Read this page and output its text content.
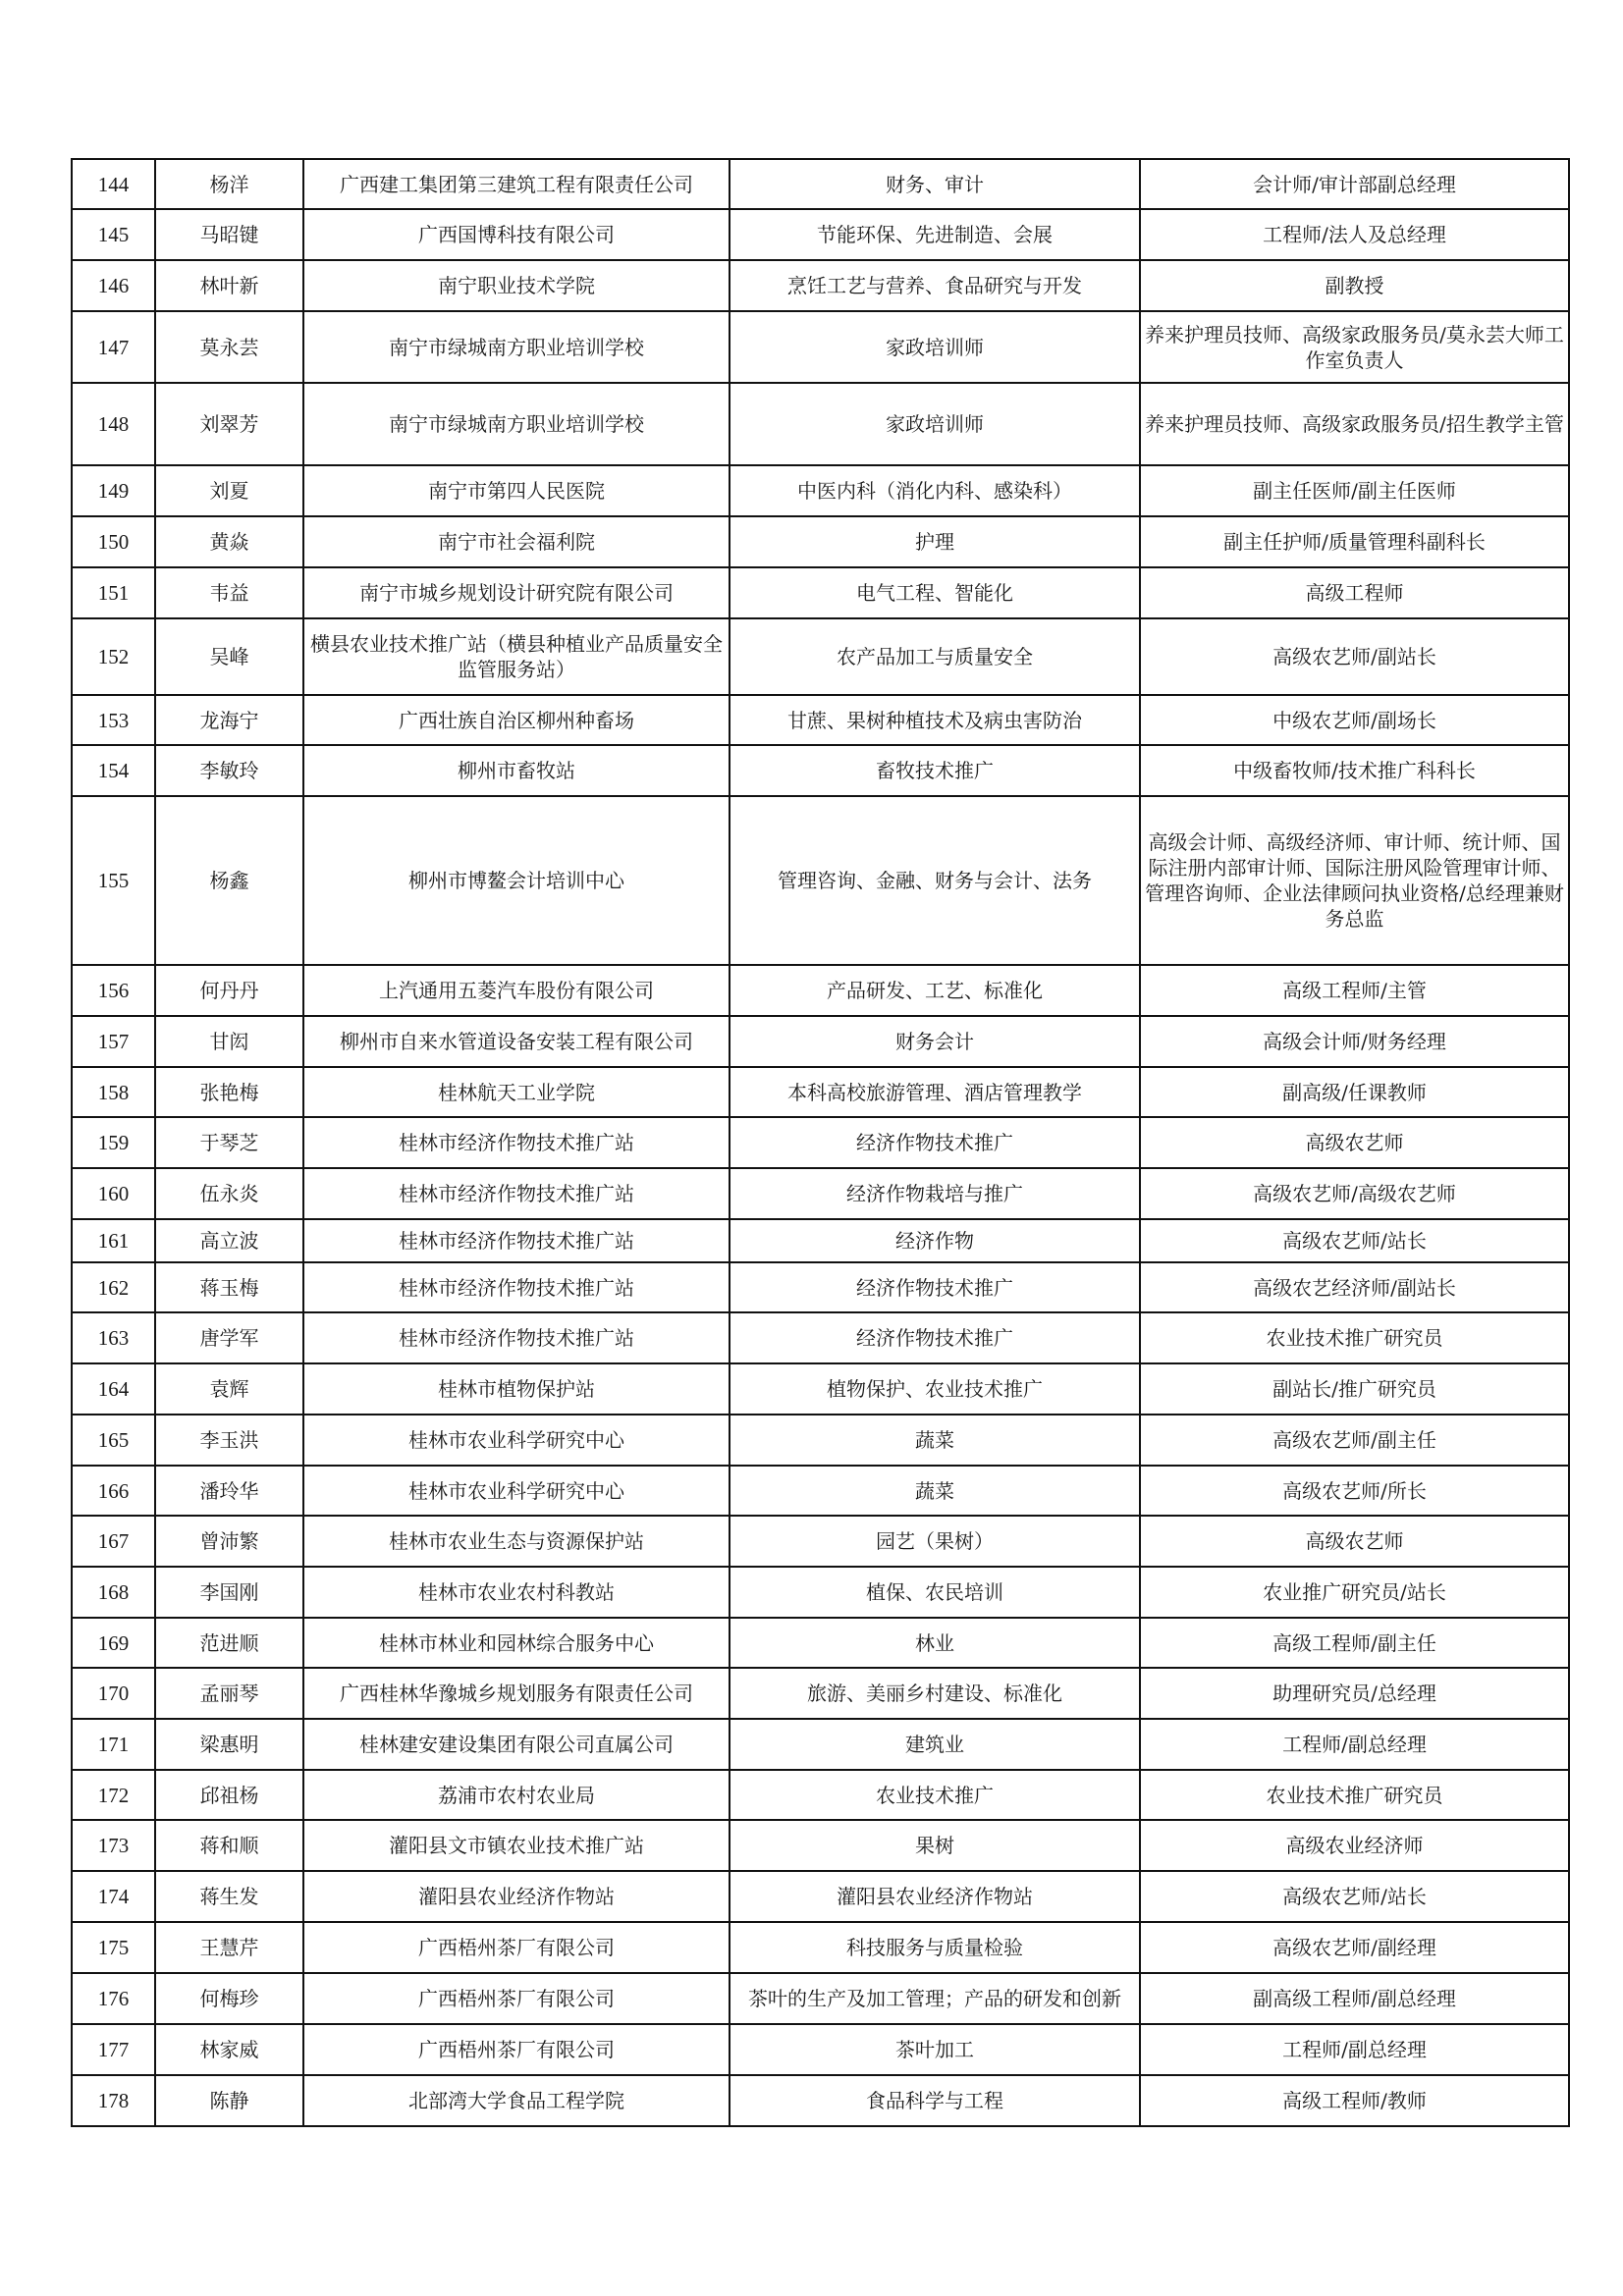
144	杨洋	广西建工集团第三建筑工程有限责任公司	财务、审计	会计师/审计部副总经理
145	马昭键	广西国博科技有限公司	节能环保、先进制造、会展	工程师/法人及总经理
146	林叶新	南宁职业技术学院	烹饪工艺与营养、食品研究与开发	副教授
147	莫永芸	南宁市绿城南方职业培训学校	家政培训师	养来护理员技师、高级家政服务员/莫永芸大师工作室负责人
148	刘翠芳	南宁市绿城南方职业培训学校	家政培训师	养来护理员技师、高级家政服务员/招生教学主管
149	刘夏	南宁市第四人民医院	中医内科（消化内科、感染科）	副主任医师/副主任医师
150	黄焱	南宁市社会福利院	护理	副主任护师/质量管理科副科长
151	韦益	南宁市城乡规划设计研究院有限公司	电气工程、智能化	高级工程师
152	吴峰	横县农业技术推广站（横县种植业产品质量安全监管服务站）	农产品加工与质量安全	高级农艺师/副站长
153	龙海宁	广西壮族自治区柳州种畜场	甘蔗、果树种植技术及病虫害防治	中级农艺师/副场长
154	李敏玲	柳州市畜牧站	畜牧技术推广	中级畜牧师/技术推广科科长
155	杨鑫	柳州市博鳌会计培训中心	管理咨询、金融、财务与会计、法务	高级会计师、高级经济师、审计师、统计师、国际注册内部审计师、国际注册风险管理审计师、管理咨询师、企业法律顾问执业资格/总经理兼财务总监
156	何丹丹	上汽通用五菱汽车股份有限公司	产品研发、工艺、标准化	高级工程师/主管
157	甘闳	柳州市自来水管道设备安装工程有限公司	财务会计	高级会计师/财务经理
158	张艳梅	桂林航天工业学院	本科高校旅游管理、酒店管理教学	副高级/任课教师
159	于琴芝	桂林市经济作物技术推广站	经济作物技术推广	高级农艺师
160	伍永炎	桂林市经济作物技术推广站	经济作物栽培与推广	高级农艺师/高级农艺师
161	高立波	桂林市经济作物技术推广站	经济作物	高级农艺师/站长
162	蒋玉梅	桂林市经济作物技术推广站	经济作物技术推广	高级农艺经济师/副站长
163	唐学军	桂林市经济作物技术推广站	经济作物技术推广	农业技术推广研究员
164	袁辉	桂林市植物保护站	植物保护、农业技术推广	副站长/推广研究员
165	李玉洪	桂林市农业科学研究中心	蔬菜	高级农艺师/副主任
166	潘玲华	桂林市农业科学研究中心	蔬菜	高级农艺师/所长
167	曾沛繁	桂林市农业生态与资源保护站	园艺（果树）	高级农艺师
168	李国刚	桂林市农业农村科教站	植保、农民培训	农业推广研究员/站长
169	范进顺	桂林市林业和园林综合服务中心	林业	高级工程师/副主任
170	孟丽琴	广西桂林华豫城乡规划服务有限责任公司	旅游、美丽乡村建设、标准化	助理研究员/总经理
171	梁惠明	桂林建安建设集团有限公司直属公司	建筑业	工程师/副总经理
172	邱祖杨	荔浦市农村农业局	农业技术推广	农业技术推广研究员
173	蒋和顺	灌阳县文市镇农业技术推广站	果树	高级农业经济师
174	蒋生发	灌阳县农业经济作物站	灌阳县农业经济作物站	高级农艺师/站长
175	王慧芹	广西梧州茶厂有限公司	科技服务与质量检验	高级农艺师/副经理
176	何梅珍	广西梧州茶厂有限公司	茶叶的生产及加工管理；产品的研发和创新	副高级工程师/副总经理
177	林家威	广西梧州茶厂有限公司	茶叶加工	工程师/副总经理
178	陈静	北部湾大学食品工程学院	食品科学与工程	高级工程师/教师
